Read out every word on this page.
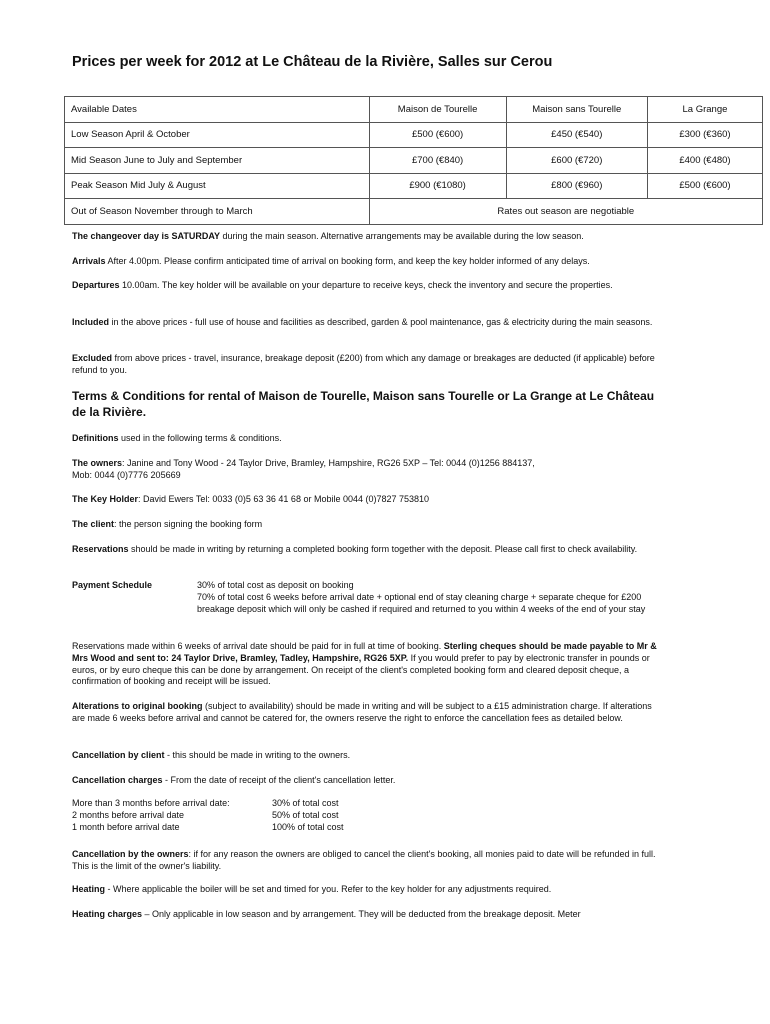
Prices per week for 2012 at Le Château de la Rivière, Salles sur Cerou
Available Dates	Maison de Tourelle	Maison sans Tourelle	La Grange
Low Season April & October	£500 (€600)	£450 (€540)	£300 (€360)
Mid Season June to July and September	£700 (€840)	£600 (€720)	£400 (€480)
Peak Season Mid July & August	£900 (€1080)	£800 (€960)	£500 (€600)
Out of Season November through to March	Rates out season are negotiable		

The changeover day is SATURDAY during the main season. Alternative arrangements may be available during the low season.

Arrivals After 4.00pm. Please confirm anticipated time of arrival on booking form, and keep the key holder informed of any delays.

Departures 10.00am. The key holder will be available on your departure to receive keys, check the inventory and secure the properties.

Included in the above prices - full use of house and facilities as described, garden & pool maintenance, gas & electricity during the main seasons.

Excluded from above prices - travel, insurance, breakage deposit (£200) from which any damage or breakages are deducted (if applicable) before refund to you.

Terms & Conditions for rental of Maison de Tourelle, Maison sans Tourelle or La Grange at Le Château de la Rivière.

Definitions used in the following terms & conditions.

The owners: Janine and Tony Wood - 24 Taylor Drive, Bramley, Hampshire, RG26 5XP – Tel: 0044 (0)1256 884137,
Mob: 0044 (0)7776 205669

The Key Holder: David Ewers Tel: 0033 (0)5 63 36 41 68 or Mobile 0044 (0)7827 753810

The client: the person signing the booking form

Reservations should be made in writing by returning a completed booking form together with the deposit. Please call first to check availability.

Payment Schedule	30% of total cost as deposit on booking
70% of total cost 6 weeks before arrival date + optional end of stay cleaning charge + separate cheque for £200 breakage deposit which will only be cashed if required and returned to you within 4 weeks of the end of your stay

Reservations made within 6 weeks of arrival date should be paid for in full at time of booking. Sterling cheques should be made payable to Mr & Mrs Wood and sent to: 24 Taylor Drive, Bramley, Tadley, Hampshire, RG26 5XP. If you would prefer to pay by electronic transfer in pounds or euros, or by euro cheque this can be done by arrangement. On receipt of the client's completed booking form and cleared deposit cheque, a confirmation of booking and receipt will be issued.

Alterations to original booking (subject to availability) should be made in writing and will be subject to a £15 administration charge. If alterations are made 6 weeks before arrival and cannot be catered for, the owners reserve the right to enforce the cancellation fees as detailed below.

Cancellation by client - this should be made in writing to the owners.

Cancellation charges - From the date of receipt of the client's cancellation letter.

More than 3 months before arrival date:	30% of total cost
2 months before arrival date	50% of total cost
1 month before arrival date	100% of total cost

Cancellation by the owners: if for any reason the owners are obliged to cancel the client's booking, all monies paid to date will be refunded in full. This is the limit of the owner's liability.

Heating - Where applicable the boiler will be set and timed for you. Refer to the key holder for any adjustments required.

Heating charges – Only applicable in low season and by arrangement. They will be deducted from the breakage deposit. Meter
